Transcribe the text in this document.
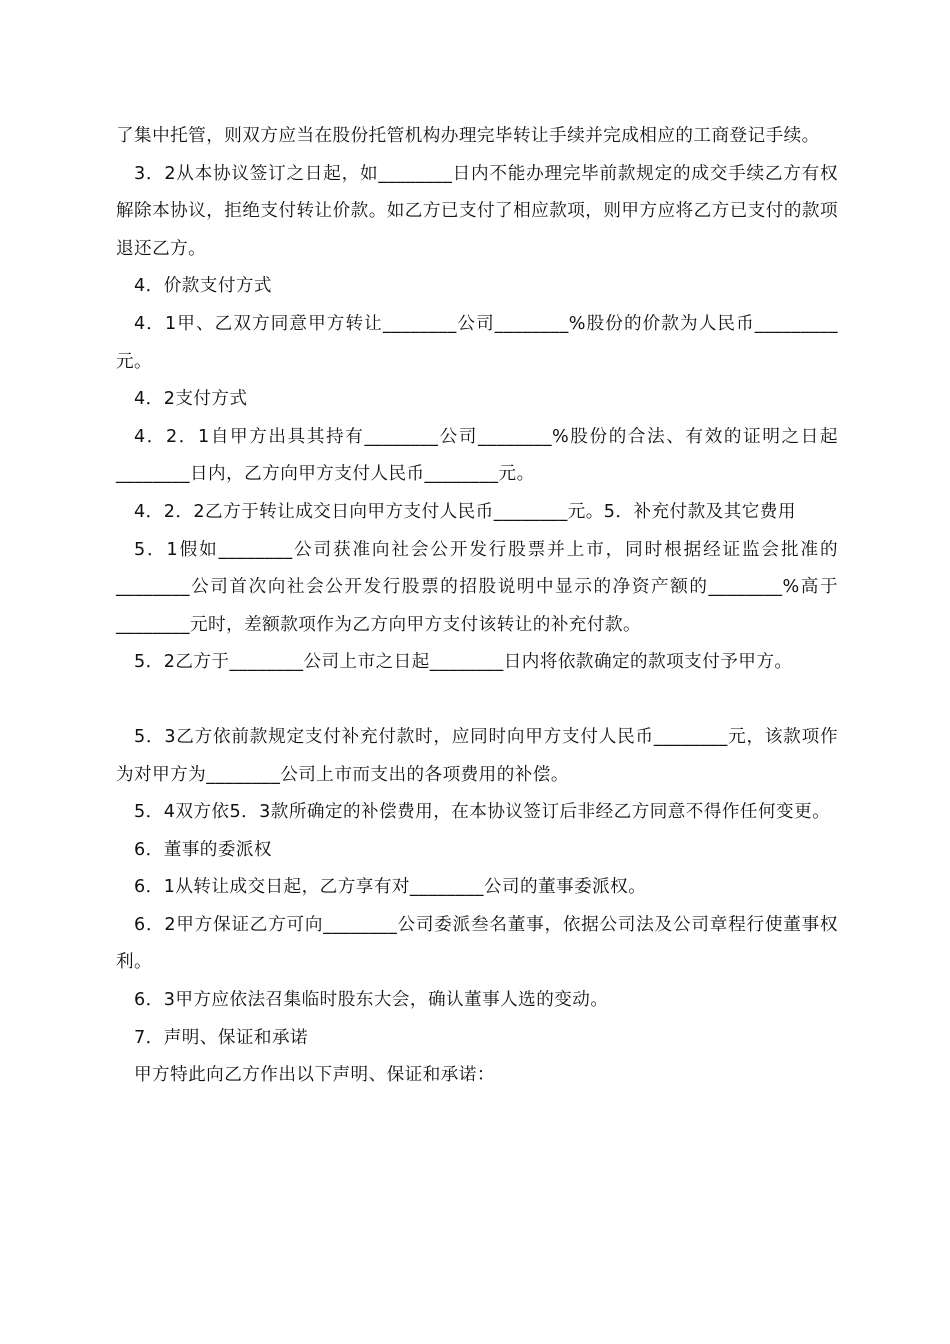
了集中托管，则双方应当在股份托管机构办理完毕转让手续并完成相应的工商登记手续。

3．2从本协议签订之日起，如________日内不能办理完毕前款规定的成交手续乙方有权解除本协议，拒绝支付转让价款。如乙方已支付了相应款项，则甲方应将乙方已支付的款项退还乙方。

4．价款支付方式

4．1甲、乙双方同意甲方转让________公司________%股份的价款为人民币_________元。

4．2支付方式

4．2．1自甲方出具其持有________公司________%股份的合法、有效的证明之日起________日内，乙方向甲方支付人民币________元。

4．2．2乙方于转让成交日向甲方支付人民币________元。5．补充付款及其它费用

5．1假如________公司获准向社会公开发行股票并上市，同时根据经证监会批准的________公司首次向社会公开发行股票的招股说明中显示的净资产额的________%高于________元时，差额款项作为乙方向甲方支付该转让的补充付款。

5．2乙方于________公司上市之日起________日内将依款确定的款项支付予甲方。

5．3乙方依前款规定支付补充付款时，应同时向甲方支付人民币________元，该款项作为对甲方为________公司上市而支出的各项费用的补偿。

5．4双方依5．3款所确定的补偿费用，在本协议签订后非经乙方同意不得作任何变更。

6．董事的委派权

6．1从转让成交日起，乙方享有对________公司的董事委派权。

6．2甲方保证乙方可向________公司委派叁名董事，依据公司法及公司章程行使董事权利。

6．3甲方应依法召集临时股东大会，确认董事人选的变动。

7．声明、保证和承诺

甲方特此向乙方作出以下声明、保证和承诺：
